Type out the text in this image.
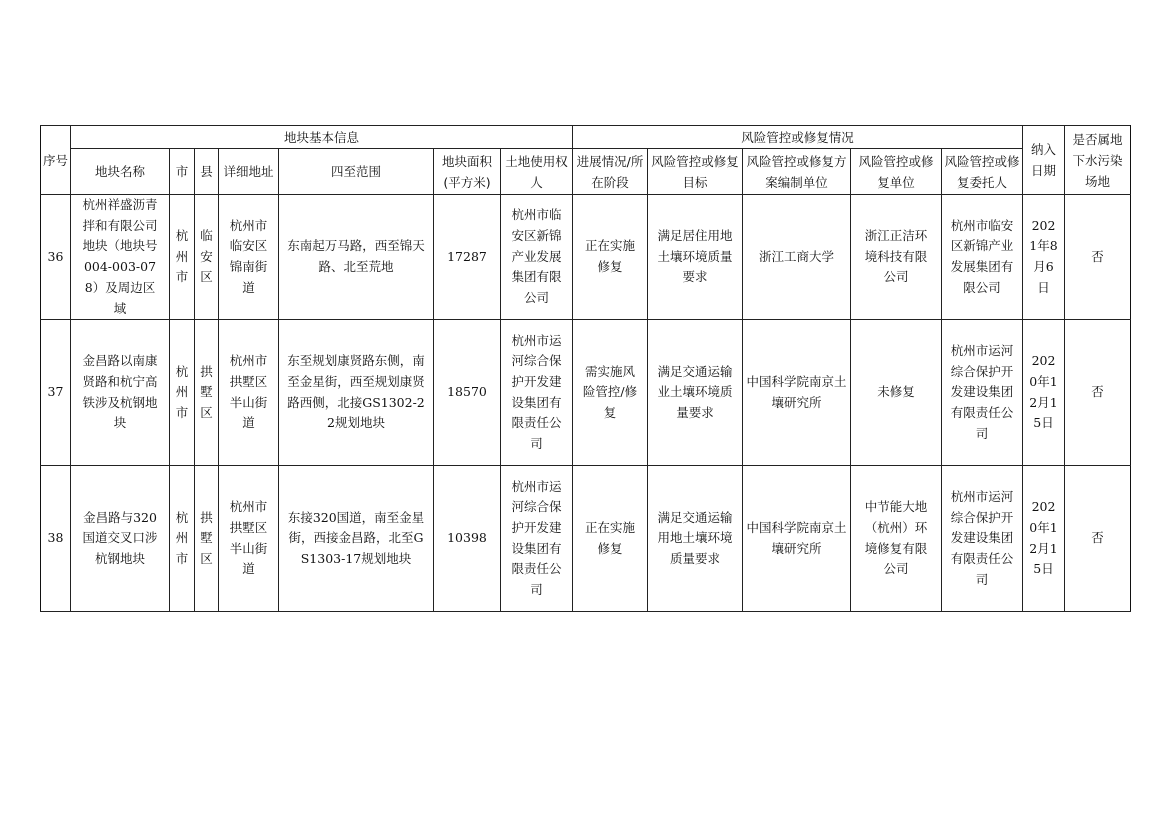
序号	地块基本信息							风险管控或修复情况					纳入日期	是否属地下水污染场地
	地块名称	市	县	详细地址	四至范围	地块面积(平方米)	土地使用权人	进展情况/所在阶段	风险管控或修复目标	风险管控或修复方案编制单位	风险管控或修复单位	风险管控或修复委托人		
36	杭州祥盛沥青拌和有限公司地块（地块号004-003-078）及周边区域	杭州市	临安区	杭州市临安区锦南街道	东南起万马路，西至锦天路、北至荒地	17287	杭州市临安区新锦产业发展集团有限公司	正在实施修复	满足居住用地土壤环境质量要求	浙江工商大学	浙江正洁环境科技有限公司	杭州市临安区新锦产业发展集团有限公司	2021年8月6日	否
37	金昌路以南康贤路和杭宁高铁涉及杭钢地块	杭州市	拱墅区	杭州市拱墅区半山街道	东至规划康贤路东侧，南至金星街，西至规划康贤路西侧，北接GS1302-22规划地块	18570	杭州市运河综合保护开发建设集团有限责任公司	需实施风险管控/修复	满足交通运输业土壤环境质量要求	中国科学院南京土壤研究所	未修复	杭州市运河综合保护开发建设集团有限责任公司	2020年12月15日	否
38	金昌路与320国道交叉口涉杭钢地块	杭州市	拱墅区	杭州市拱墅区半山街道	东接320国道，南至金星街，西接金昌路，北至GS1303-17规划地块	10398	杭州市运河综合保护开发建设集团有限责任公司	正在实施修复	满足交通运输用地土壤环境质量要求	中国科学院南京土壤研究所	中节能大地（杭州）环境修复有限公司	杭州市运河综合保护开发建设集团有限责任公司	2020年12月15日	否
